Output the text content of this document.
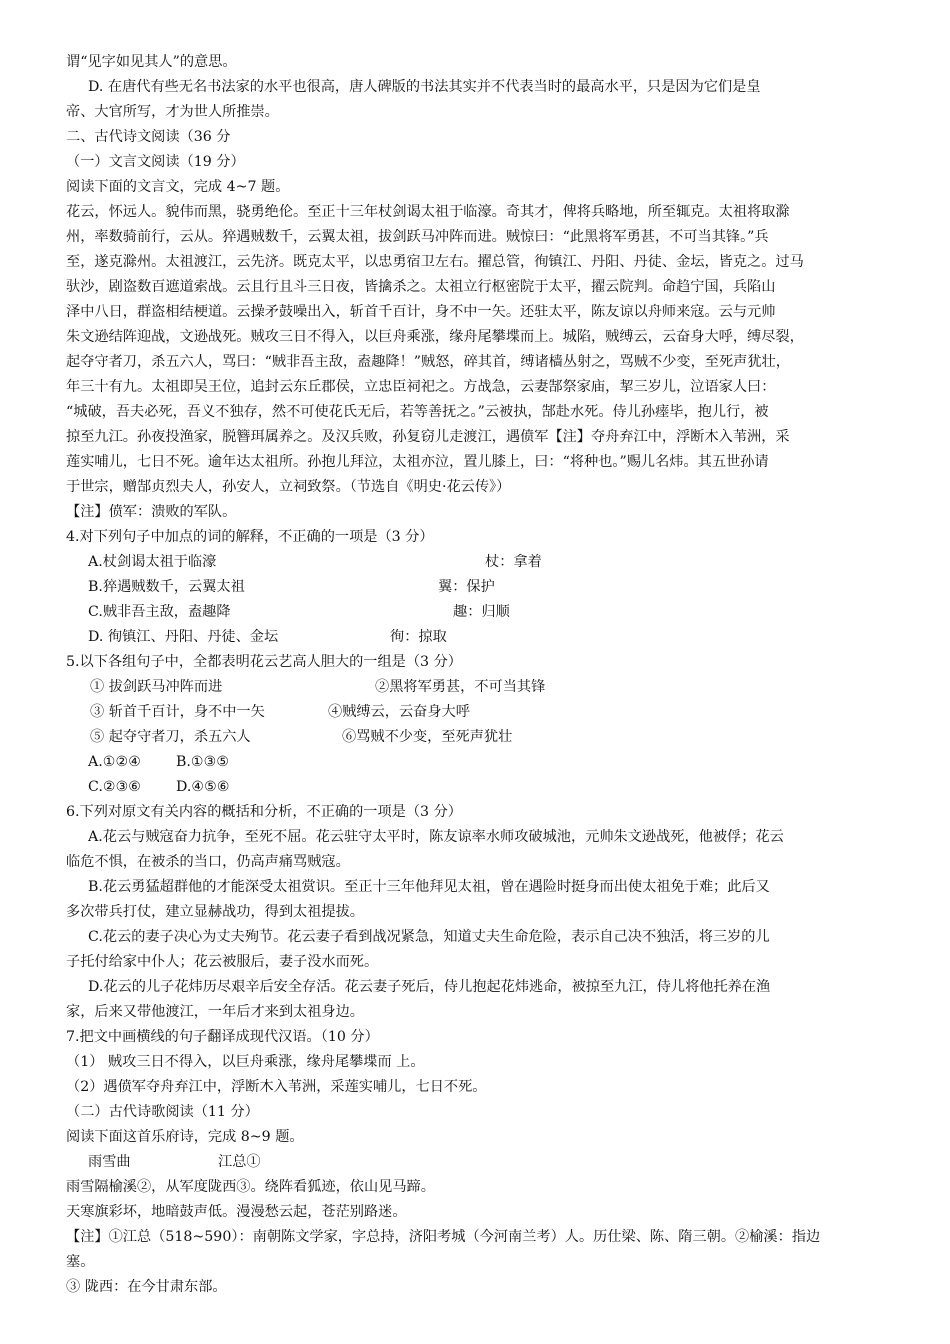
谓“见字如见其人”的意思。
D. 在唐代有些无名书法家的水平也很高，唐人碑版的书法其实并不代表当时的最高水平，只是因为它们是皇
帝、大官所写，才为世人所推崇。
二、古代诗文阅读（36 分
（一）文言文阅读（19 分）
阅读下面的文言文，完成 4~7 题。
花云，怀远人。貌伟而黑，骁勇绝伦。至正十三年杖剑谒太祖于临濠。奇其才，俾将兵略地，所至辄克。太祖将取滁
州，率数骑前行，云从。猝遇贼数千，云翼太祖，拔剑跃马冲阵而进。贼惊曰：“此黑将军勇甚，不可当其锋。”兵
至，遂克滁州。太祖渡江，云先济。既克太平，以忠勇宿卫左右。擢总管，徇镇江、丹阳、丹徒、金坛，皆克之。过马
驮沙，剧盗数百遮道索战。云且行且斗三日夜，皆擒杀之。太祖立行枢密院于太平，擢云院判。命趋宁国，兵陷山
泽中八日，群盗相结梗道。云操矛鼓噪出入，斩首千百计，身不中一矢。还驻太平，陈友谅以舟师来寇。云与元帅
朱文逊结阵迎战，文逊战死。贼攻三日不得入，以巨舟乘涨，缘舟尾攀堞而上。城陷，贼缚云，云奋身大呼，缚尽裂，
起夺守者刀，杀五六人，骂曰：“贼非吾主敌，盍趣降！”贼怒，碎其首，缚诸樯丛射之，骂贼不少变，至死声犹壮，
年三十有九。太祖即吴王位，追封云东丘郡侯，立忠臣祠祀之。方战急，云妻郜祭家庙，挈三岁儿，泣语家人曰：
“城破，吾夫必死，吾义不独存，然不可使花氏无后，若等善抚之。”云被执，郜赴水死。侍儿孙瘗毕，抱儿行，被
掠至九江。孙夜投渔家，脱簪珥属养之。及汉兵败，孙复窃儿走渡江，遇偾军【注】夺舟弃江中，浮断木入苇洲，采
莲实哺儿，七日不死。逾年达太祖所。孙抱儿拜泣，太祖亦泣，置儿膝上，曰：“将种也。”赐儿名炜。其五世孙请
于世宗，赠郜贞烈夫人，孙安人，立祠致祭。（节选自《明史·花云传》）
【注】偾军：溃败的军队。
4.对下列句子中加点的词的解释，不正确的一项是（3 分）
A.杖剑谒太祖于临濠	杖：拿着
B.猝遇贼数千，云翼太祖	翼：保护
C.贼非吾主敌，盍趣降	趣：归顺
D. 徇镇江、丹阳、丹徒、金坛	徇：掠取
5.以下各组句子中，全都表明花云艺高人胆大的一组是（3 分）
① 拔剑跃马冲阵而进	②黑将军勇甚，不可当其锋
③ 斩首千百计，身不中一矢	④贼缚云，云奋身大呼
⑤ 起夺守者刀，杀五六人	⑥骂贼不少变，至死声犹壮
A.①②④ B.①③⑤
C.②③⑥ D.④⑤⑥
6.下列对原文有关内容的概括和分析，不正确的一项是（3 分）
A.花云与贼寇奋力抗争，至死不屈。花云驻守太平时，陈友谅率水师攻破城池，元帅朱文逊战死，他被俘；花云
临危不惧，在被杀的当口，仍高声痛骂贼寇。
B.花云勇猛超群他的才能深受太祖赏识。至正十三年他拜见太祖，曾在遇险时挺身而出使太祖免于难；此后又
多次带兵打仗，建立显赫战功，得到太祖提拔。
C.花云的妻子决心为丈夫殉节。花云妻子看到战况紧急，知道丈夫生命危险，表示自己决不独活，将三岁的儿
子托付给家中仆人；花云被服后，妻子没水而死。
D.花云的儿子花炜历尽艰辛后安全存活。花云妻子死后，侍儿抱起花炜逃命，被掠至九江，侍儿将他托养在渔
家，后来又带他渡江，一年后才来到太祖身边。
7.把文中画横线的句子翻译成现代汉语。（10 分）
（1） 贼攻三日不得入，以巨舟乘涨，缘舟尾攀堞而 上。
（2）遇偾军夺舟弃江中，浮断木入苇洲，采莲实哺儿，七日不死。
（二）古代诗歌阅读（11 分）
阅读下面这首乐府诗，完成 8~9 题。
雨雪曲	江总①
雨雪隔榆溪②，从军度陇西③。绕阵看狐迹，依山见马蹄。
天寒旗彩坏，地暗鼓声低。漫漫愁云起，苍茫别路迷。
【注】①江总（518~590）：南朝陈文学家，字总持，济阳考城（今河南兰考）人。历仕梁、陈、隋三朝。②榆溪：指边
塞。
③ 陇西：在今甘肃东部。
